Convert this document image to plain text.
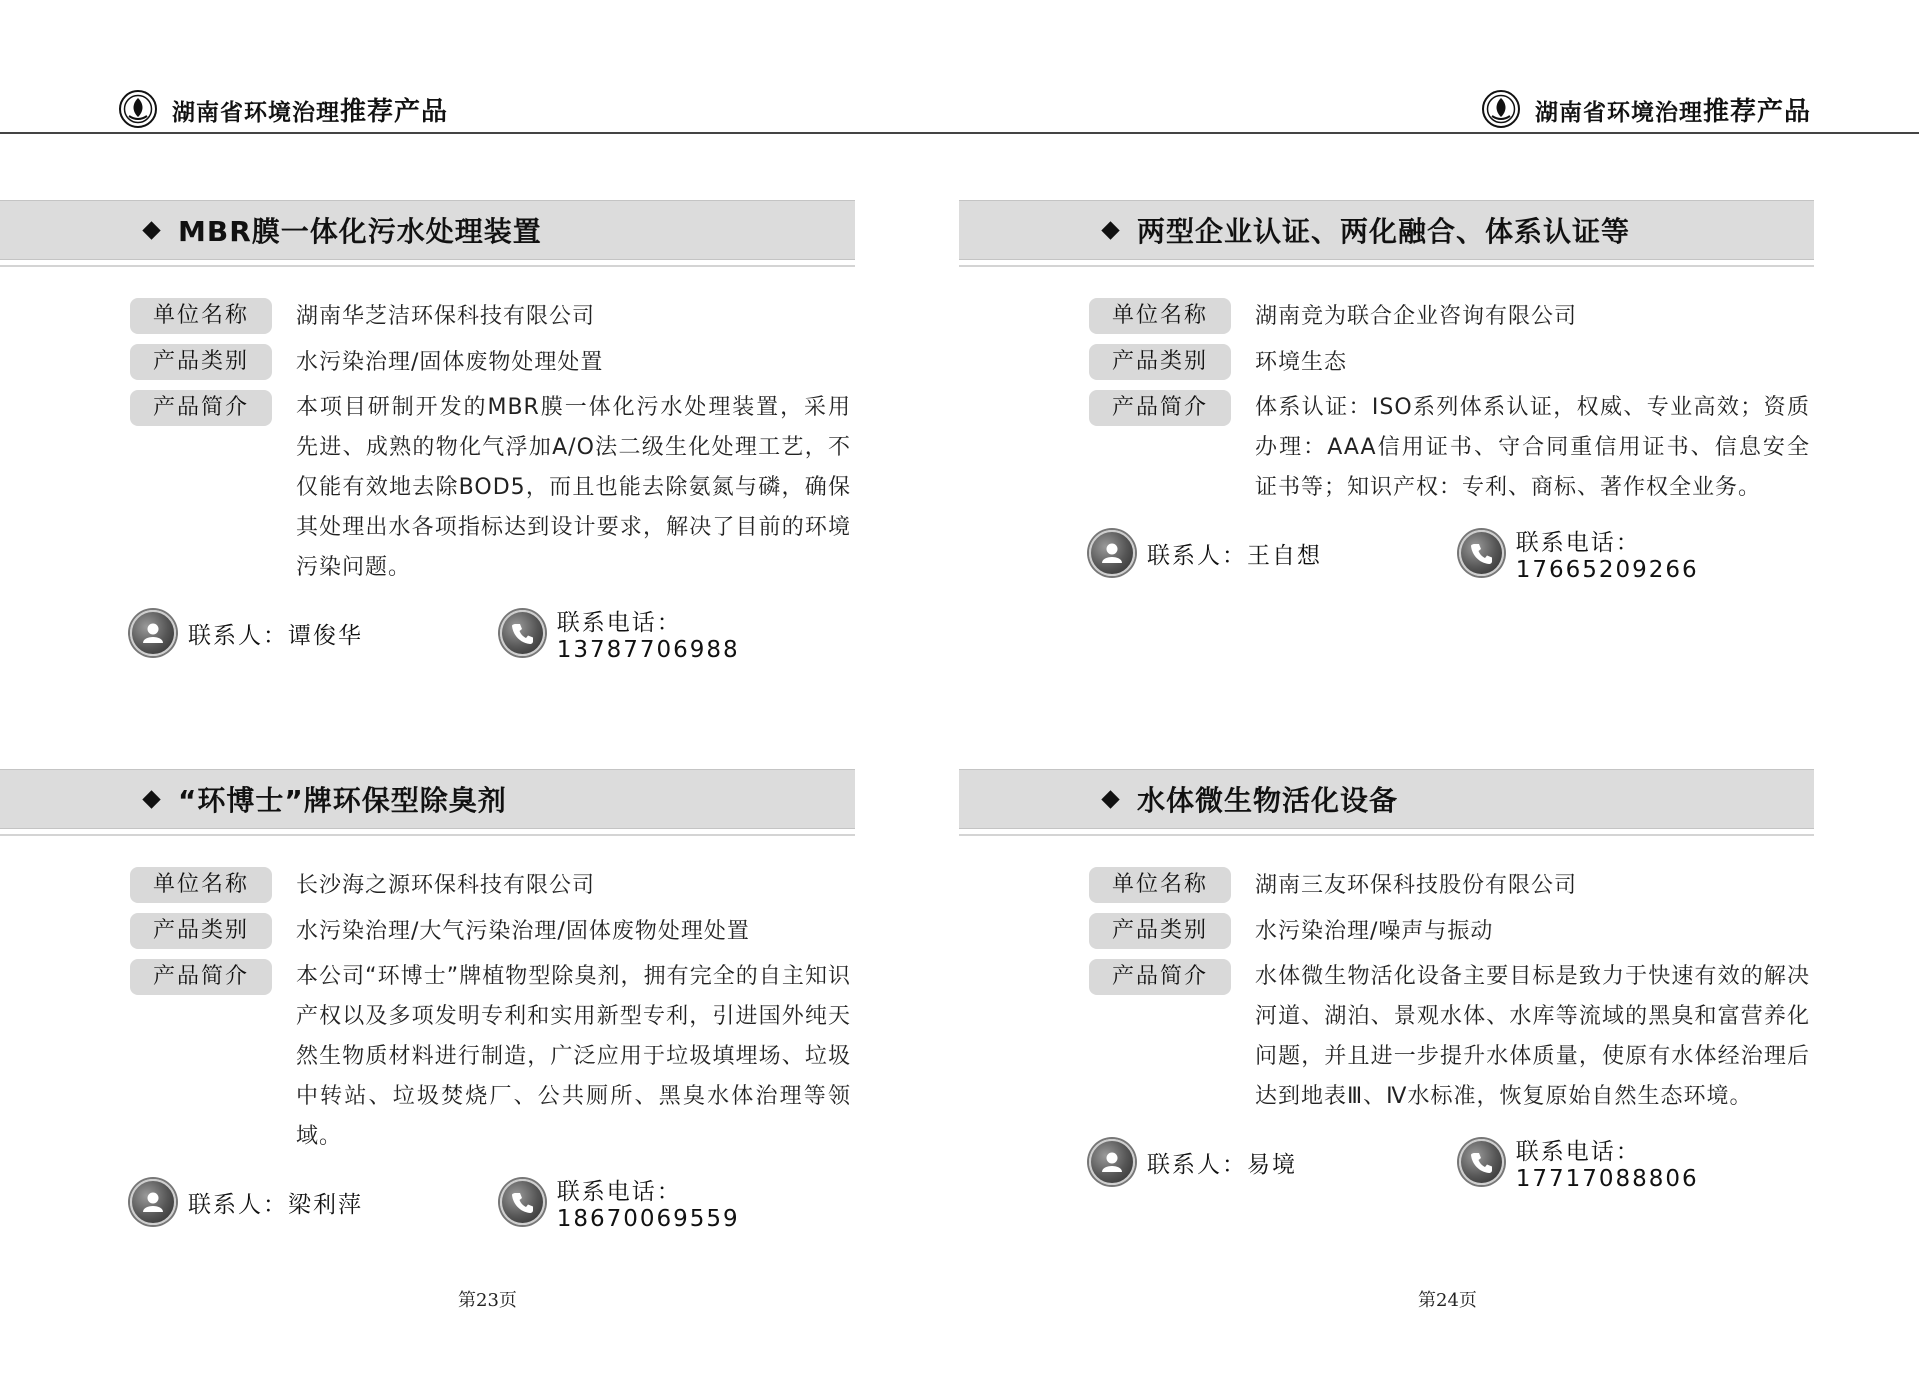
湖南省环境治理推荐产品
MBR膜一体化污水处理装置
单位名称	湖南华芝洁环保科技有限公司
产品类别	水污染治理/固体废物处理处置
产品简介	本项目研制开发的MBR膜一体化污水处理装置，采用先进、成熟的物化气浮加A/O法二级生化处理工艺，不仅能有效地去除BOD5，而且也能去除氨氮与磷，确保其处理出水各项指标达到设计要求，解决了目前的环境污染问题。
联系人：谭俊华	联系电话：13787706988
“环博士”牌环保型除臭剂
单位名称	长沙海之源环保科技有限公司
产品类别	水污染治理/大气污染治理/固体废物处理处置
产品简介	本公司“环博士”牌植物型除臭剂，拥有完全的自主知识产权以及多项发明专利和实用新型专利，引进国外纯天然生物质材料进行制造，广泛应用于垃圾填埋场、垃圾中转站、垃圾焚烧厂、公共厕所、黑臭水体治理等领域。
联系人：梁利萍	联系电话：18670069559
第23页
湖南省环境治理推荐产品
两型企业认证、两化融合、体系认证等
单位名称	湖南竞为联合企业咨询有限公司
产品类别	环境生态
产品简介	体系认证：ISO系列体系认证，权威、专业高效；资质办理：AAA信用证书、守合同重信用证书、信息安全证书等；知识产权：专利、商标、著作权全业务。
联系人：王自想	联系电话：17665209266
水体微生物活化设备
单位名称	湖南三友环保科技股份有限公司
产品类别	水污染治理/噪声与振动
产品简介	水体微生物活化设备主要目标是致力于快速有效的解决河道、湖泊、景观水体、水库等流域的黑臭和富营养化问题，并且进一步提升水体质量，使原有水体经治理后达到地表Ⅲ、Ⅳ水标准，恢复原始自然生态环境。
联系人：易境	联系电话：17717088806
第24页
